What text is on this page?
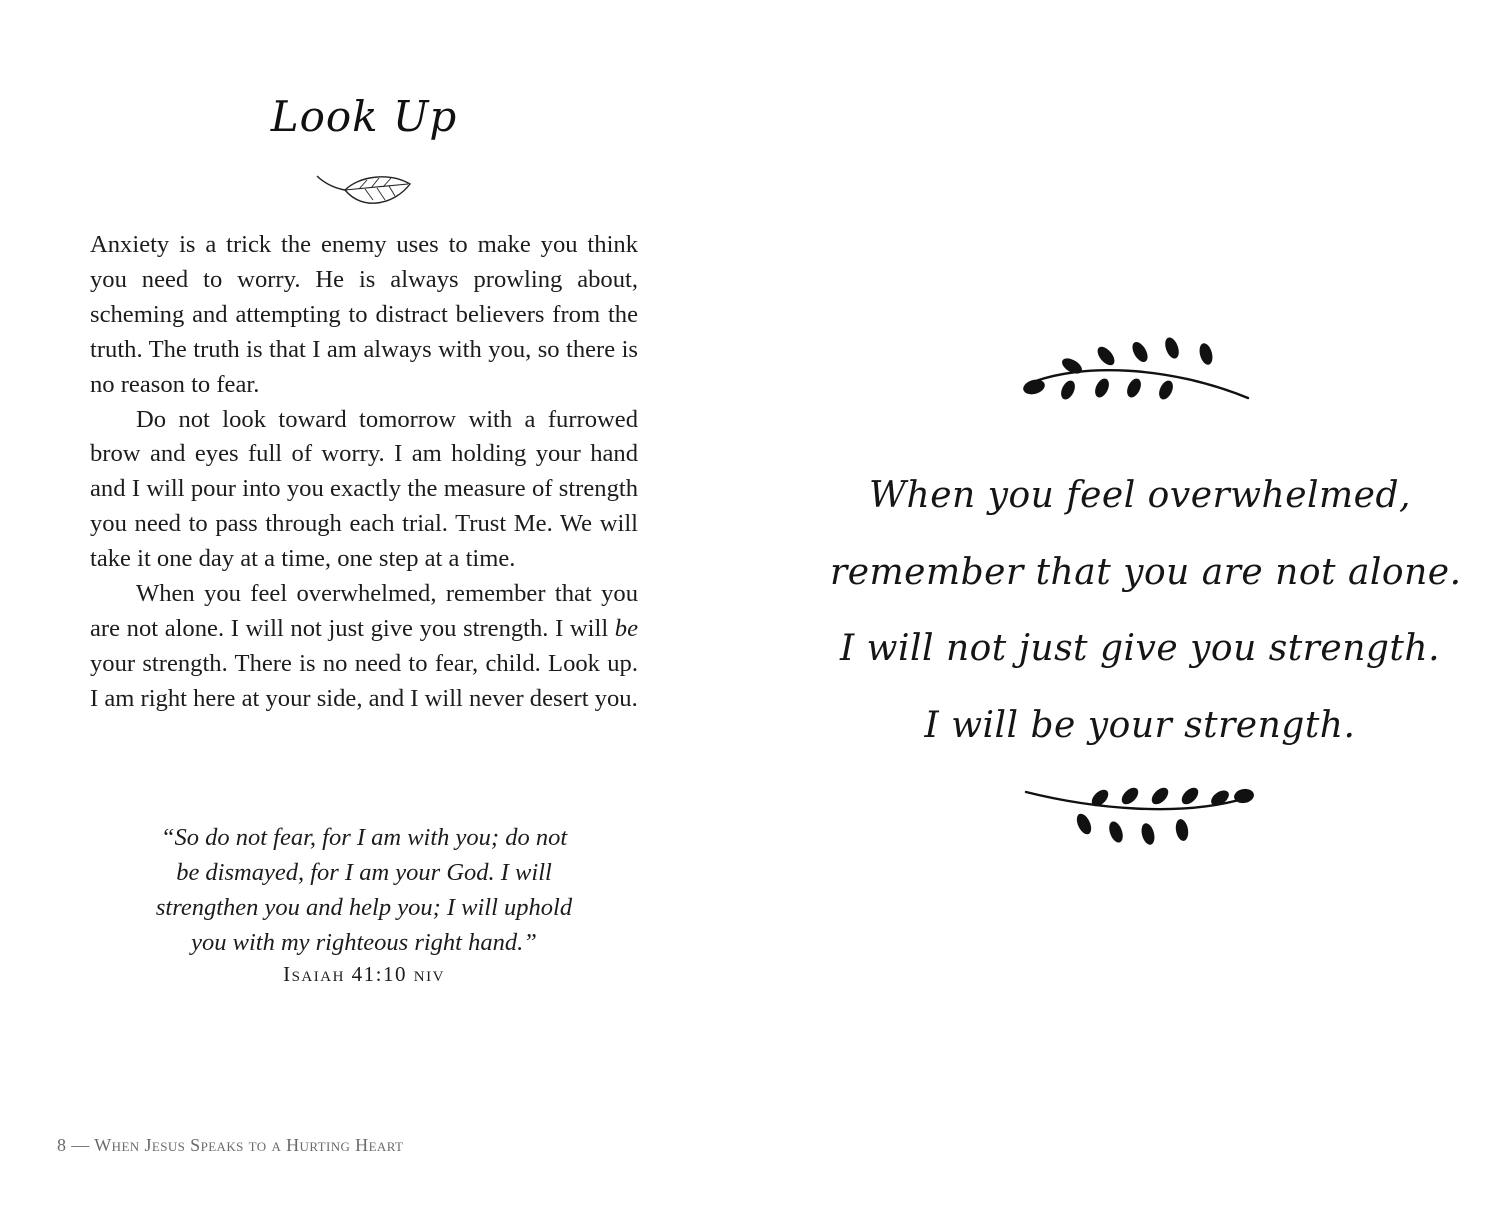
Look Up

Anxiety is a trick the enemy uses to make you think you need to worry. He is always prowling about, scheming and attempting to distract believers from the truth. The truth is that I am always with you, so there is no reason to fear.

Do not look toward tomorrow with a furrowed brow and eyes full of worry. I am holding your hand and I will pour into you exactly the measure of strength you need to pass through each trial. Trust Me. We will take it one day at a time, one step at a time.

When you feel overwhelmed, remember that you are not alone. I will not just give you strength. I will be your strength. There is no need to fear, child. Look up. I am right here at your side, and I will never desert you.

“So do not fear, for I am with you; do not
be dismayed, for I am your God. I will
strengthen you and help you; I will uphold
you with my righteous right hand.”
Isaiah 41:10 niv
8 — When Jesus Speaks to a Hurting Heart
When you feel overwhelmed,
remember that you are not alone.
I will not just give you strength.
I will be your strength.
